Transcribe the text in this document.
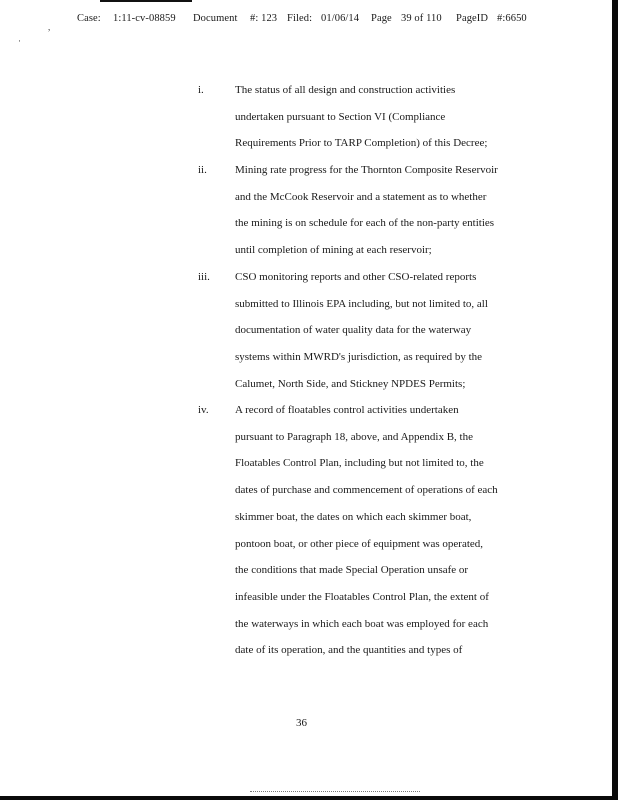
,
·
Case: 1:11-cv-08859 Document #: 123 Filed: 01/06/14 Page 39 of 110 PageID #:6650
i.	The status of all design and construction activities
undertaken pursuant to Section VI (Compliance
Requirements Prior to TARP Completion) of this Decree;
ii.	Mining rate progress for the Thornton Composite Reservoir
and the McCook Reservoir and a statement as to whether
the mining is on schedule for each of the non-party entities
until completion of mining at each reservoir;
iii. CSO monitoring reports and other CSO-related reports
submitted to Illinois EPA including, but not limited to, all
documentation of water quality data for the waterway
systems within MWRD's jurisdiction, as required by the
Calumet, North Side, and Stickney NPDES Permits;
iv. A record of floatables control activities undertaken
pursuant to Paragraph 18, above, and Appendix B, the
Floatables Control Plan, including but not limited to, the
dates of purchase and commencement of operations of each
skimmer boat, the dates on which each skimmer boat,
pontoon boat, or other piece of equipment was operated,
the conditions that made Special Operation unsafe or
infeasible under the Floatables Control Plan, the extent of
the waterways in which each boat was employed for each
date of its operation, and the quantities and types of
36
